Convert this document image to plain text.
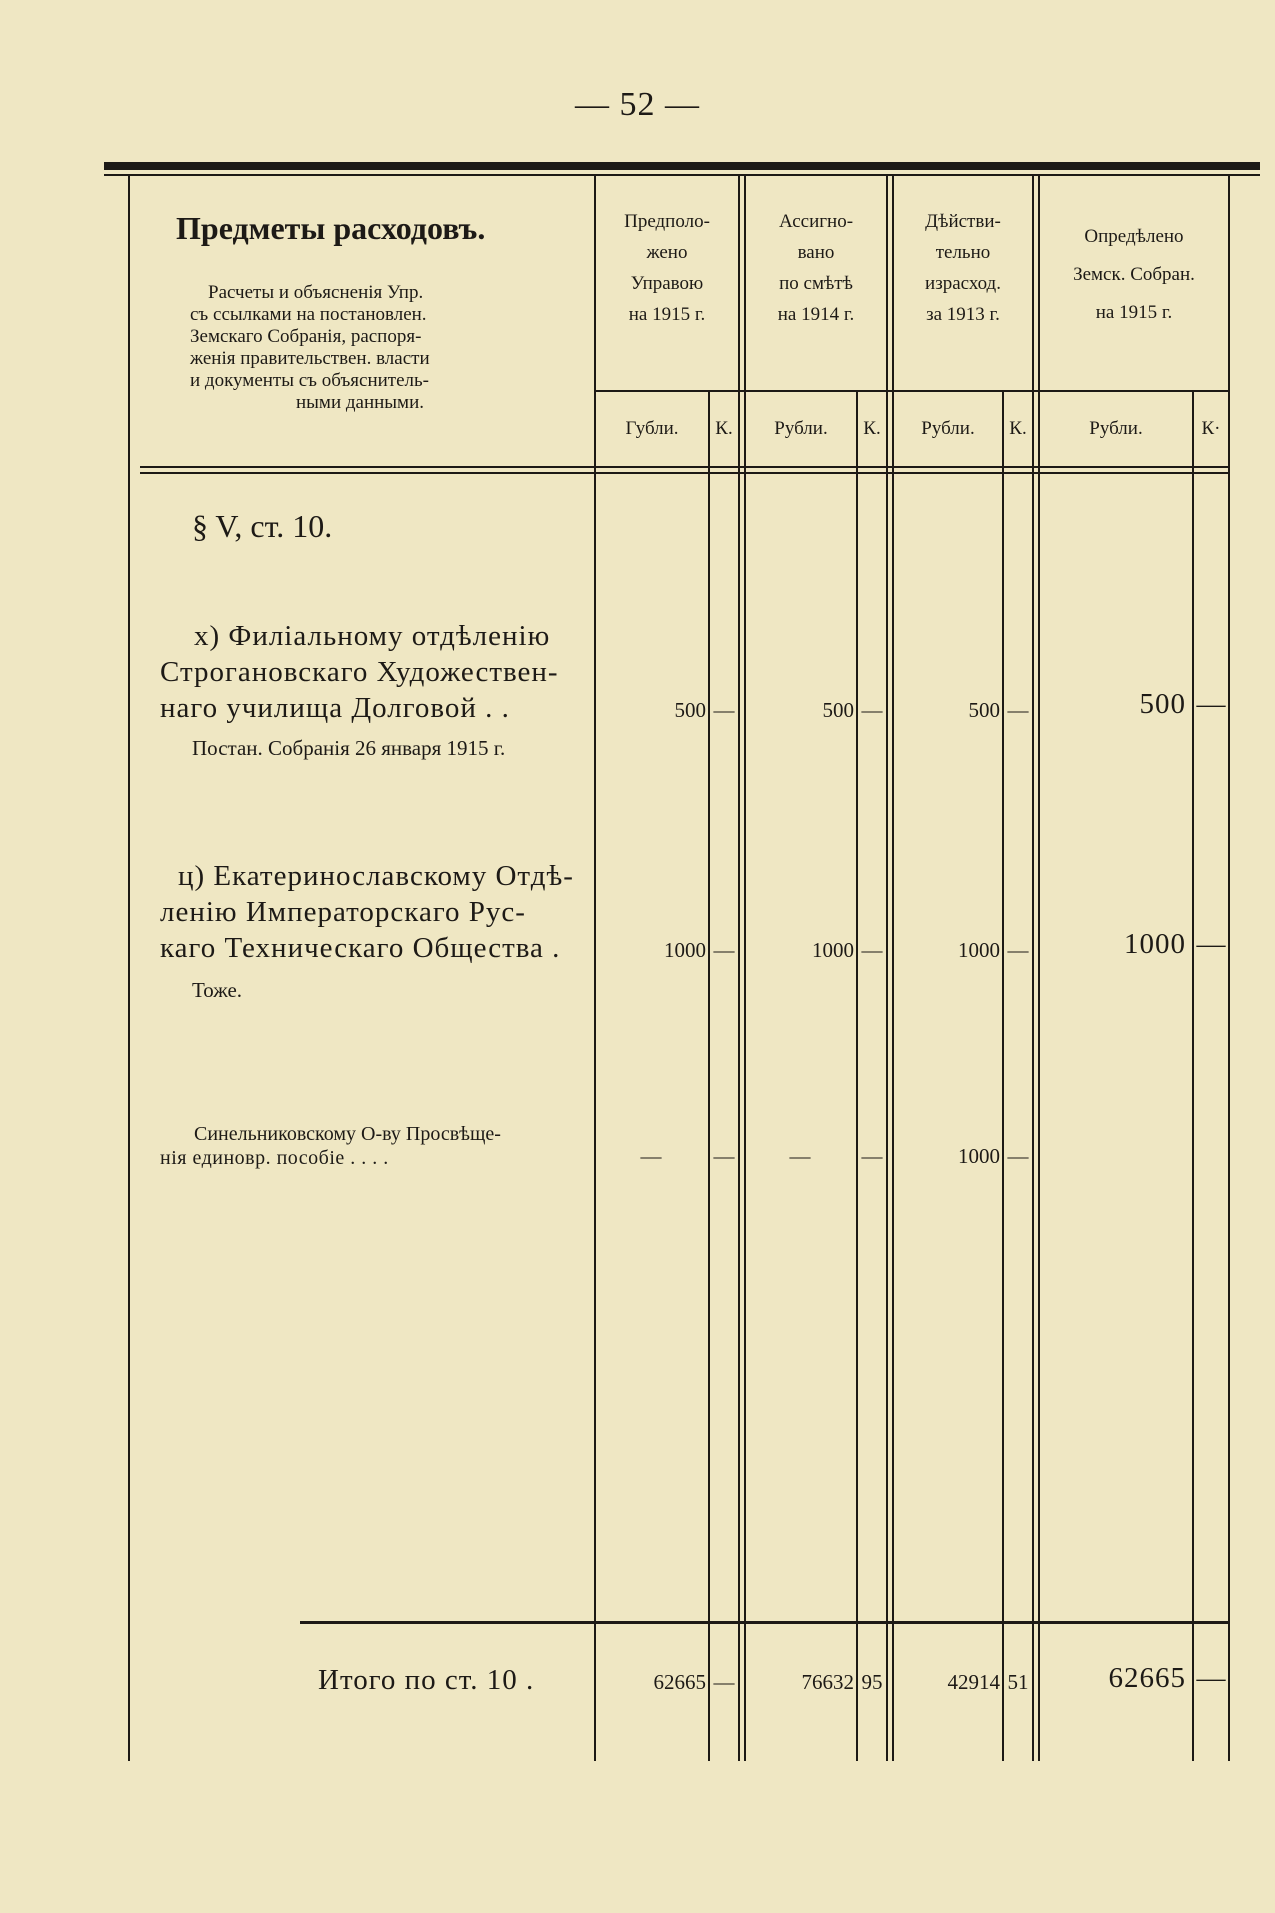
— 52 —
Предметы расходовъ.
Расчеты и объясненія Упр.
съ ссылками на постановлен.
Земскаго Собранія, распоря-
женія правительствен. власти
и документы съ объяснитель-
ными данными.
Предполо-
жено
Управою
на 1915 г.
Ассигно-
вано
по смѣтѣ
на 1914 г.
Дѣйстви-
тельно
израсход.
за 1913 г.
Опредѣлено
Земск. Собран.
на 1915 г.
Губли.	К.	Рубли.	К.	Рубли.	К.	Рубли.	К·
§ V, ст. 10.
х) Филіальному отдѣленію
Строгановскаго Художествен-
наго училища Долговой . .
Постан. Собранія 26 января 1915 г.
500 —	500 —	500 —	500 —
ц) Екатеринославскому Отдѣ-
ленію Императорскаго Рус-
каго Техническаго Общества .
Тоже.
1000 —	1000 —	1000 —	1000 —
Синельниковскому О-ву Просвѣще-
нія единовр. пособіе . . . .	—	—	—	—	1000 —
Итого по ст. 10 .	62665 —	76632 95	42914 51	62665 —
